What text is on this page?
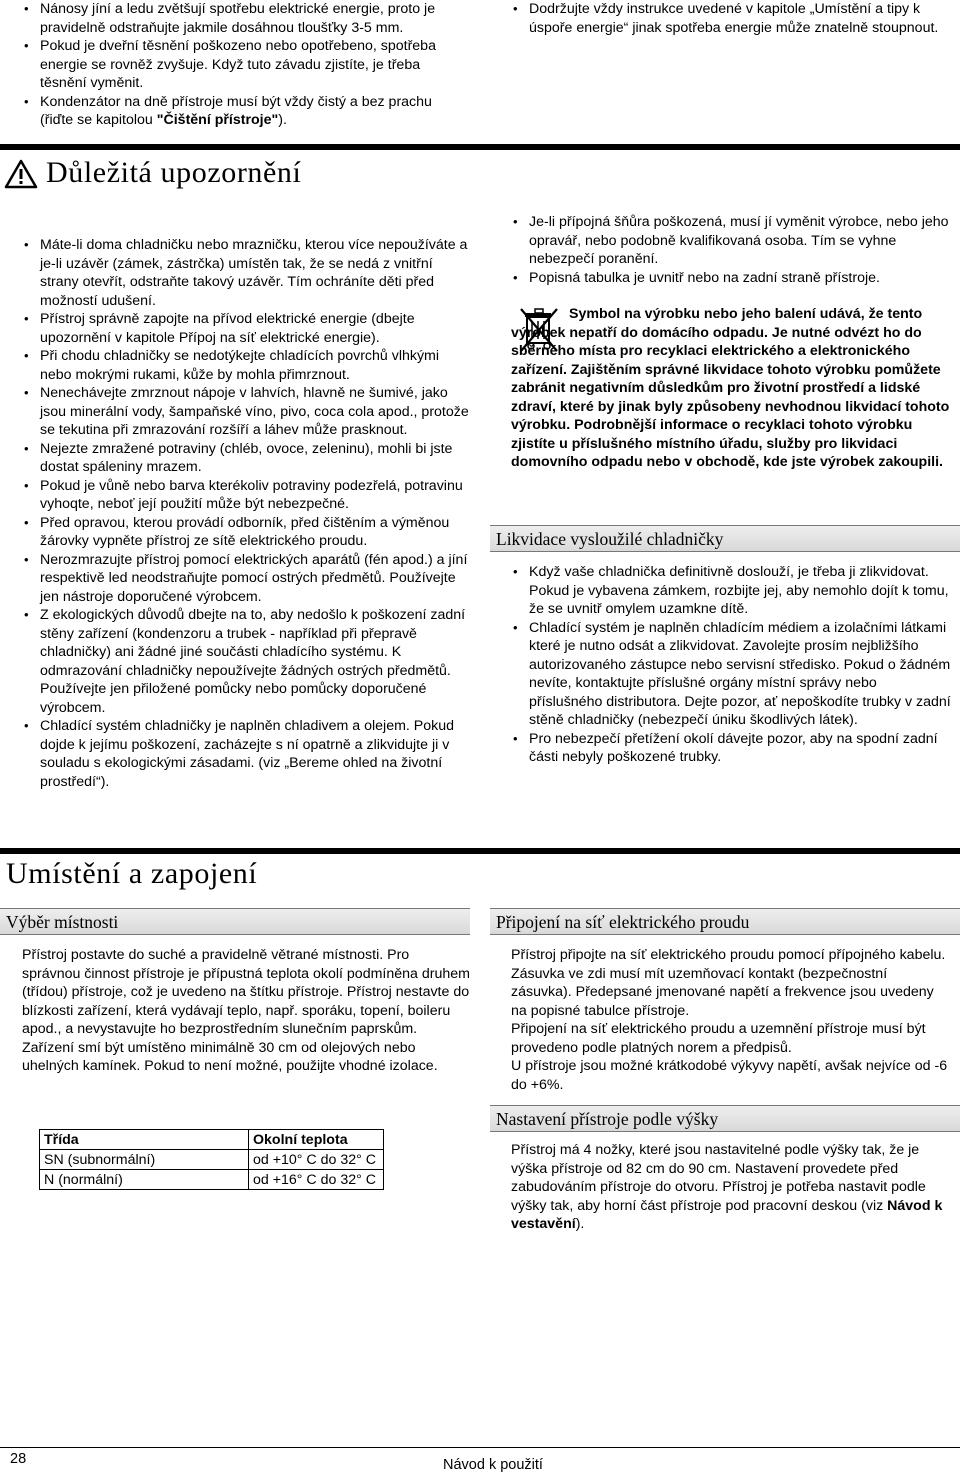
• Nánosy jíní a ledu zvětšují spotřebu elektrické energie, proto je pravidelně odstraňujte jakmile dosáhnou tloušťky 3-5 mm.
• Pokud je dveřní těsnění poškozeno nebo opotřebeno, spotřeba energie se rovněž zvyšuje. Když tuto závadu zjistíte, je třeba těsnění vyměnit.
• Kondenzátor na dně přístroje musí být vždy čistý a bez prachu (řiďte se kapitolou "Čištění přístroje").
• Dodržujte vždy instrukce uvedené v kapitole „Umístění a tipy k úspoře energie“ jinak spotřeba energie může znatelně stoupnout.
Důležitá upozornění
• Máte-li doma chladničku nebo mrazničku, kterou více nepoužíváte a je-li uzávěr (zámek, zástrčka) umístěn tak, že se nedá z vnitřní strany otevřít, odstraňte takový uzávěr. Tím ochráníte děti před možností udušení.
• Přístroj správně zapojte na přívod elektrické energie (dbejte upozornění v kapitole Přípoj na síť elektrické energie).
• Při chodu chladničky se nedotýkejte chladících povrchů vlhkými nebo mokrými rukami, kůže by mohla přimrznout.
• Nenechávejte zmrznout nápoje v lahvích, hlavně ne šumivé, jako jsou minerální vody, šampaňské víno, pivo, coca cola apod., protože se tekutina při zmrazování rozšíří a láhev může prasknout.
• Nejezte zmražené potraviny (chléb, ovoce, zeleninu), mohli bi jste dostat spáleniny mrazem.
• Pokud je vůně nebo barva kterékoliv potraviny podezřelá, potravinu vyhoqte, neboť její použití může být nebezpečné.
• Před opravou, kterou provádí odborník, před čištěním a výměnou žárovky vypněte přístroj ze sítě elektrického proudu.
• Nerozmrazujte přístroj pomocí elektrických aparátů (fén apod.) a jíní respektivě led neodstraňujte pomocí ostrých předmětů. Používejte jen nástroje doporučené výrobcem.
• Z ekologických důvodů dbejte na to, aby nedošlo k poškození zadní stěny zařízení (kondenzoru a trubek - například při přepravě chladničky) ani žádné jiné součásti chladícího systému. K odmrazování chladničky nepoužívejte žádných ostrých předmětů. Používejte jen přiložené pomůcky nebo pomůcky doporučené výrobcem.
• Chladící systém chladničky je naplněn chladivem a olejem. Pokud dojde k jejímu poškození, zacházejte s ní opatrně a zlikvidujte ji v souladu s ekologickými zásadami. (viz „Bereme ohled na životní prostředí“).
• Je-li přípojná šňůra poškozená, musí jí vyměnit výrobce, nebo jeho opravář, nebo podobně kvalifikovaná osoba. Tím se vyhne nebezpečí poranění.
• Popisná tabulka je uvnitř nebo na zadní straně přístroje.
Symbol na výrobku nebo jeho balení udává, že tento výrobek nepatří do domácího odpadu. Je nutné odvézt ho do sběrného místa pro recyklaci elektrického a elektronického zařízení. Zajištěním správné likvidace tohoto výrobku pomůžete zabránit negativním důsledkům pro životní prostředí a lidské zdraví, které by jinak byly způsobeny nevhodnou likvidací tohoto výrobku. Podrobnější informace o recyklaci tohoto výrobku zjistíte u příslušného místního úřadu, služby pro likvidaci domovního odpadu nebo v obchodě, kde jste výrobek zakoupili.
Likvidace vysloužilé chladničky
• Když vaše chladnička definitivně doslouží, je třeba ji zlikvidovat. Pokud je vybavena zámkem, rozbijte jej, aby nemohlo dojít k tomu, že se uvnitř omylem uzamkne dítě.
• Chladící systém je naplněn chladícím médiem a izolačními látkami které je nutno odsát a zlikvidovat. Zavolejte prosím nejbližšího autorizovaného zástupce nebo servisní středisko. Pokud o žádném nevíte, kontaktujte příslušné orgány místní správy nebo příslušného distributora. Dejte pozor, ať nepoškodíte trubky v zadní stěně chladničky (nebezpečí úniku škodlivých látek).
• Pro nebezpečí přetížení okolí dávejte pozor, aby na spodní zadní části nebyly poškozené trubky.
Umístění a zapojení
Výběr místnosti

Přístroj postavte do suché a pravidelně větrané místnosti. Pro správnou činnost přístroje je přípustná teplota okolí podmíněna druhem (třídou) přístroje, což je uvedeno na štítku přístroje. Přístroj nestavte do blízkosti zařízení, která vydávají teplo, např. sporáku, topení, boileru apod., a nevystavujte ho bezprostředním slunečním paprskům.

Zařízení smí být umístěno minimálně 30 cm od olejových nebo uhelných kamínek. Pokud to není možné, použijte vhodné izolace.

Třída	Okolní teplota
SN (subnormální)	od +10° C do 32° C
N (normální)	od +16° C do 32° C
Připojení na síť elektrického proudu

Přístroj připojte na síť elektrického proudu pomocí přípojného kabelu. Zásuvka ve zdi musí mít uzemňovací kontakt (bezpečnostní zásuvka). Předepsané jmenované napětí a frekvence jsou uvedeny na popisné tabulce přístroje.

Připojení na síť elektrického proudu a uzemnění přístroje musí být provedeno podle platných norem a předpisů.

U přístroje jsou možné krátkodobé výkyvy napětí, avšak nejvíce od -6 do +6%.

Nastavení přístroje podle výšky

Přístroj má 4 nožky, které jsou nastavitelné podle výšky tak, že je výška přístroje od 82 cm do 90 cm. Nastavení provedete před zabudováním přístroje do otvoru. Přístroj je potřeba nastavit podle výšky tak, aby horní část přístroje pod pracovní deskou (viz Návod k vestavění).

28	Návod k použití
